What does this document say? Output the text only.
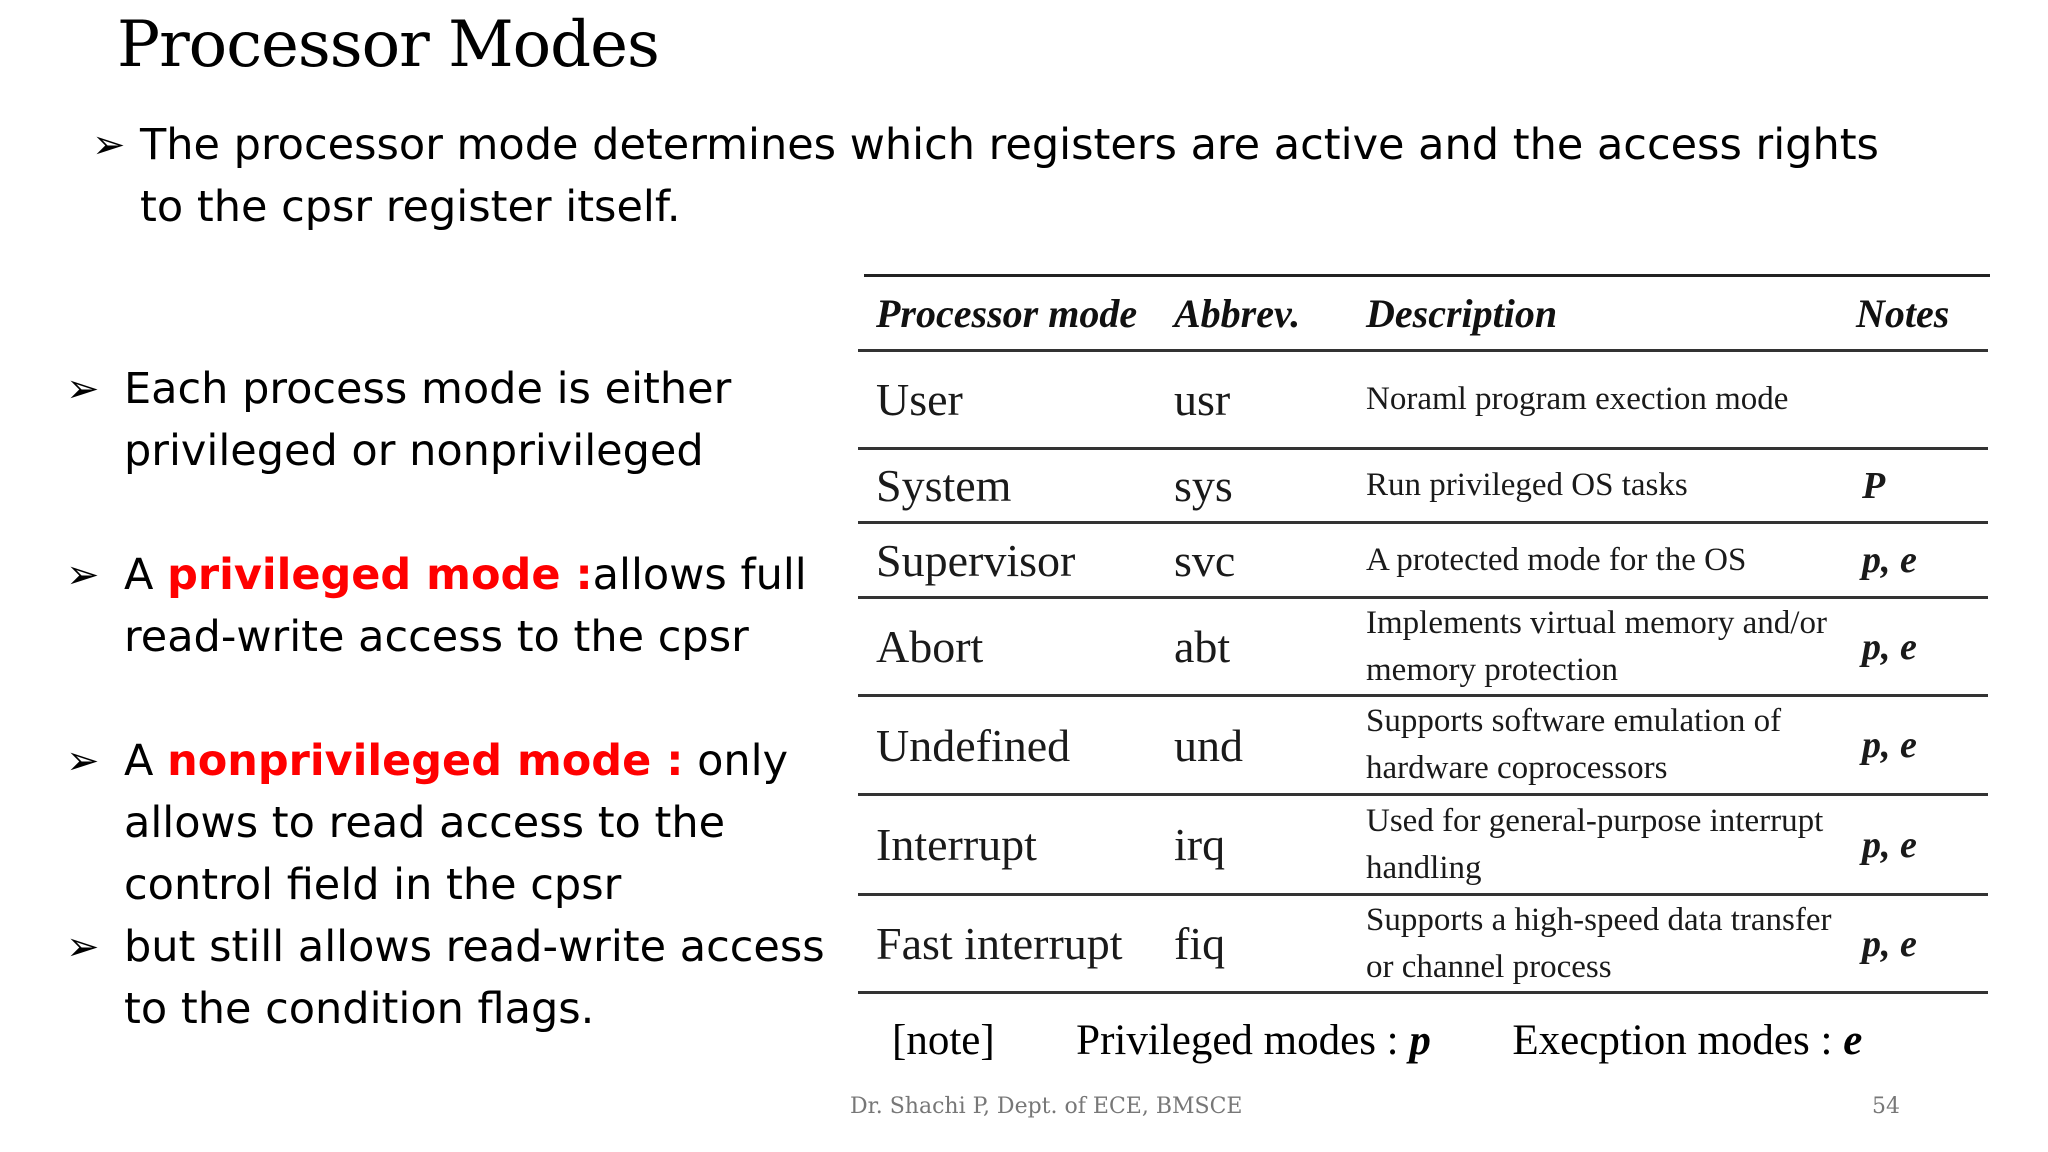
Processor Modes
➢ The processor mode determines which registers are active and the access rights to the cpsr register itself.
➢ Each process mode is either privileged or nonprivileged
➢ A privileged mode :allows full read-write access to the cpsr
➢ A nonprivileged mode : only allows to read access to the control field in the cpsr
➢ but still allows read-write access to the condition flags.
Processor mode	Abbrev.	Description	Notes
User	usr	Noraml program exection mode	
System	sys	Run privileged OS tasks	P
Supervisor	svc	A protected mode for the OS	p, e
Abort	abt	Implements virtual memory and/or memory protection	p, e
Undefined	und	Supports software emulation of hardware coprocessors	p, e
Interrupt	irq	Used for general-purpose interrupt handling	p, e
Fast interrupt	fiq	Supports a high-speed data transfer or channel process	p, e
[note] Privileged modes : p Execption modes : e
Dr. Shachi P, Dept. of ECE, BMSCE	54
